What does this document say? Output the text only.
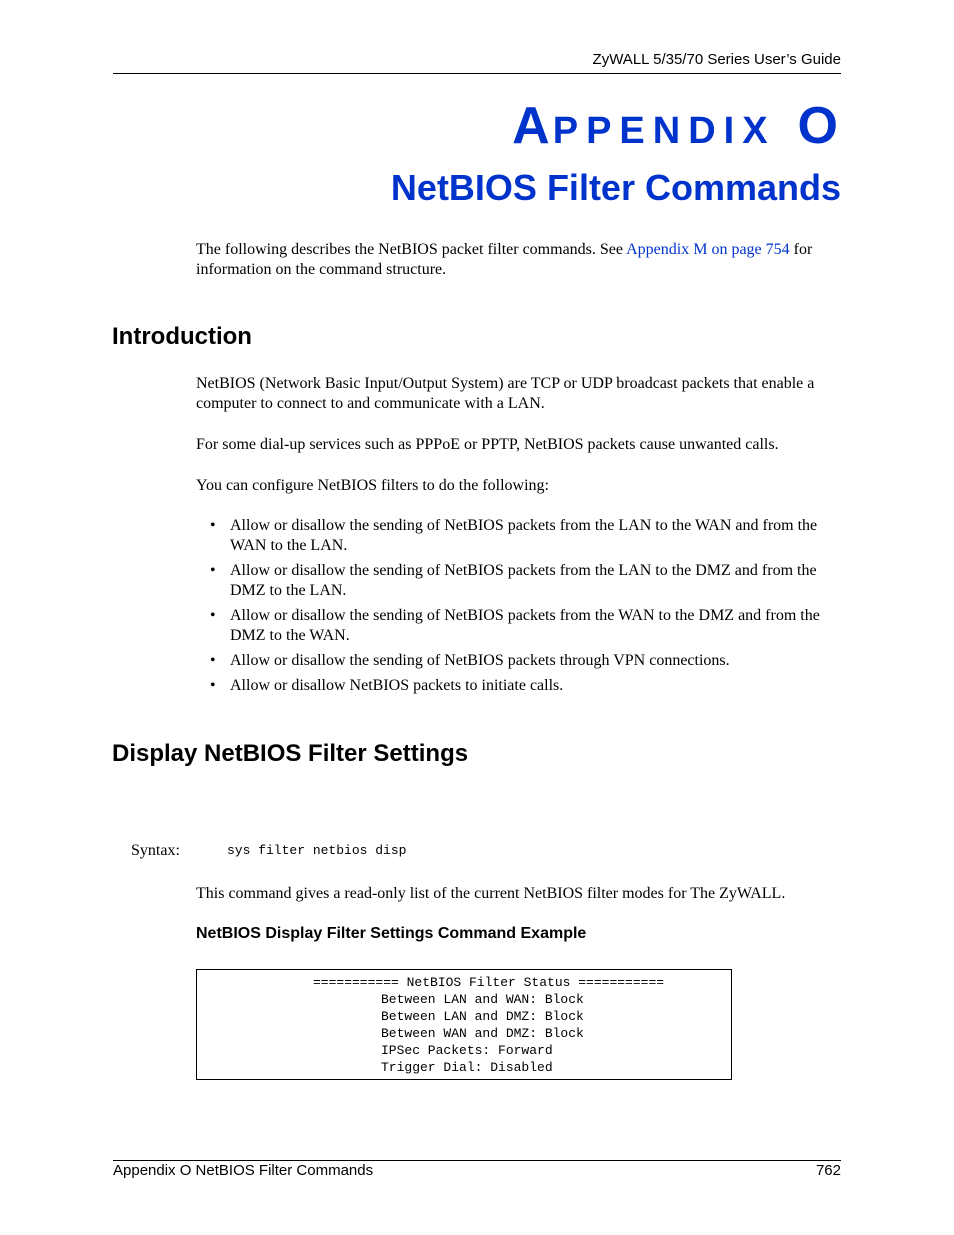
ZyWALL 5/35/70 Series User’s Guide
APPENDIX O
NetBIOS Filter Commands
The following describes the NetBIOS packet filter commands. See Appendix M on page 754 for information on the command structure.
Introduction
NetBIOS (Network Basic Input/Output System) are TCP or UDP broadcast packets that enable a computer to connect to and communicate with a LAN.
For some dial-up services such as PPPoE or PPTP, NetBIOS packets cause unwanted calls.
You can configure NetBIOS filters to do the following:
• Allow or disallow the sending of NetBIOS packets from the LAN to the WAN and from the WAN to the LAN.
• Allow or disallow the sending of NetBIOS packets from the LAN to the DMZ and from the DMZ to the LAN.
• Allow or disallow the sending of NetBIOS packets from the WAN to the DMZ and from the DMZ to the WAN.
• Allow or disallow the sending of NetBIOS packets through VPN connections.
• Allow or disallow NetBIOS packets to initiate calls.
Display NetBIOS Filter Settings
Syntax:	sys filter netbios disp
This command gives a read-only list of the current NetBIOS filter modes for The ZyWALL.
NetBIOS Display Filter Settings Command Example
=========== NetBIOS Filter Status ===========
Between LAN and WAN: Block
Between LAN and DMZ: Block
Between WAN and DMZ: Block
IPSec Packets: Forward
Trigger Dial: Disabled
Appendix O NetBIOS Filter Commands	762
